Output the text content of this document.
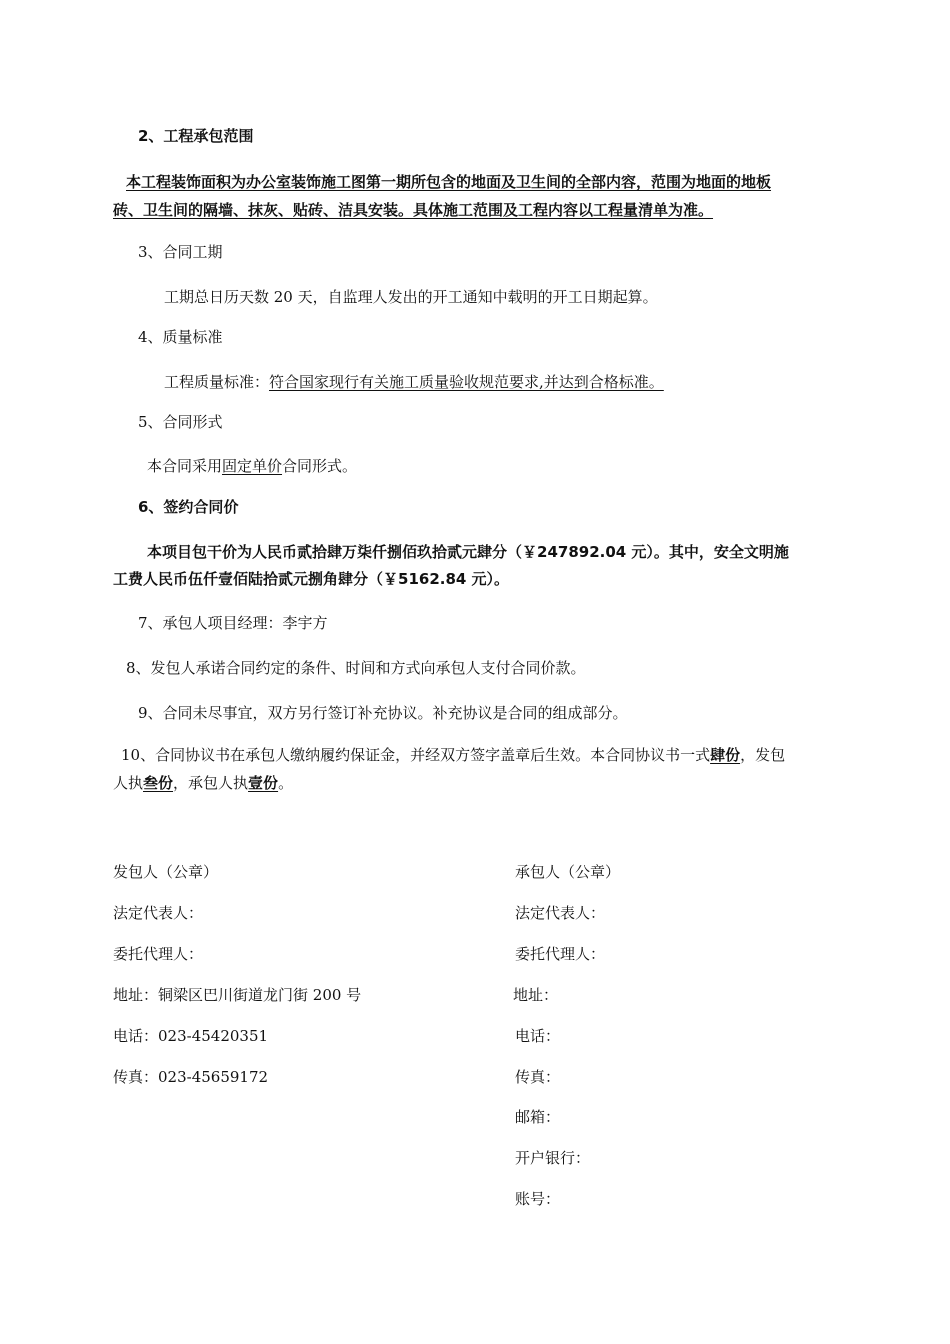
2、工程承包范围
本工程装饰面积为办公室装饰施工图第一期所包含的地面及卫生间的全部内容，范围为地面的地板
砖、卫生间的隔墙、抹灰、贴砖、洁具安装。具体施工范围及工程内容以工程量清单为准。
3、合同工期
工期总日历天数 20 天，自监理人发出的开工通知中载明的开工日期起算。
4、质量标准
工程质量标准：符合国家现行有关施工质量验收规范要求,并达到合格标准。
5、合同形式
本合同采用固定单价合同形式。
6、签约合同价
本项目包干价为人民币贰拾肆万柒仟捌佰玖拾贰元肆分（￥247892.04 元）。其中，安全文明施
工费人民币伍仟壹佰陆拾贰元捌角肆分（￥5162.84 元）。
7、承包人项目经理：李宇方
8、发包人承诺合同约定的条件、时间和方式向承包人支付合同价款。
9、合同未尽事宜，双方另行签订补充协议。补充协议是合同的组成部分。
10、合同协议书在承包人缴纳履约保证金，并经双方签字盖章后生效。本合同协议书一式肆份，发包
人执叁份，承包人执壹份。
发包人（公章）
法定代表人：
委托代理人：
地址：铜梁区巴川街道龙门街 200 号
电话：023-45420351
传真：023-45659172
承包人（公章）
法定代表人：
委托代理人：
地址：
电话：
传真：
邮箱：
开户银行：
账号：
